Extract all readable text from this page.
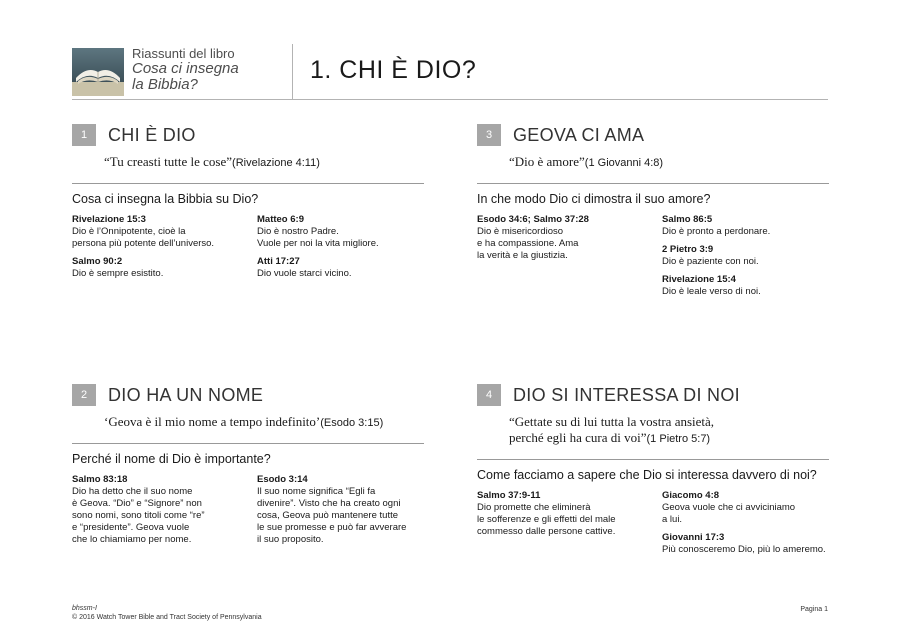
Riassunti del libro
Cosa ci insegna
la Bibbia?
1. CHI È DIO?
1	CHI È DIO
“Tu creasti tutte le cose”(Rivelazione 4:11)
Cosa ci insegna la Bibbia su Dio?
Rivelazione 15:3
Dio è l’Onnipotente, cioè la
persona più potente dell’universo.
Salmo 90:2
Dio è sempre esistito.
Matteo 6:9
Dio è nostro Padre.
Vuole per noi la vita migliore.
Atti 17:27
Dio vuole starci vicino.
3	GEOVA CI AMA
“Dio è amore”(1 Giovanni 4:8)
In che modo Dio ci dimostra il suo amore?
Esodo 34:6; Salmo 37:28
Dio è misericordioso
e ha compassione. Ama
la verità e la giustizia.
Salmo 86:5
Dio è pronto a perdonare.
2 Pietro 3:9
Dio è paziente con noi.
Rivelazione 15:4
Dio è leale verso di noi.
2	DIO HA UN NOME
‘Geova è il mio nome a tempo indefinito’(Esodo 3:15)
Perché il nome di Dio è importante?
Salmo 83:18
Dio ha detto che il suo nome
è Geova. “Dio” e “Signore” non
sono nomi, sono titoli come “re”
e “presidente”. Geova vuole
che lo chiamiamo per nome.
Esodo 3:14
Il suo nome significa “Egli fa
divenire”. Visto che ha creato ogni
cosa, Geova può mantenere tutte
le sue promesse e può far avverare
il suo proposito.
4	DIO SI INTERESSA DI NOI
“Gettate su di lui tutta la vostra ansietà,
perché egli ha cura di voi”(1 Pietro 5:7)
Come facciamo a sapere che Dio si interessa davvero di noi?
Salmo 37:9-11
Dio promette che eliminerà
le sofferenze e gli effetti del male
commesso dalle persone cattive.
Giacomo 4:8
Geova vuole che ci avviciniamo
a lui.
Giovanni 17:3
Più conosceremo Dio, più lo ameremo.
bhssm-I
© 2016 Watch Tower Bible and Tract Society of Pennsylvania
Pagina 1
